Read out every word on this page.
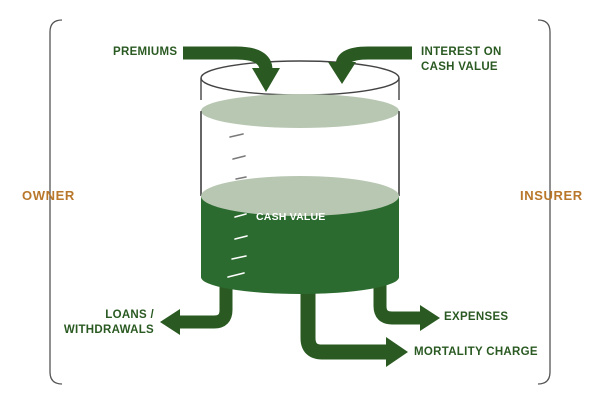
OWNER	INSURER
PREMIUMS	INTEREST ON
CASH VALUE
FACE AMOUNT
CASH VALUE
LOANS /
WITHDRAWALS
EXPENSES
MORTALITY CHARGE
